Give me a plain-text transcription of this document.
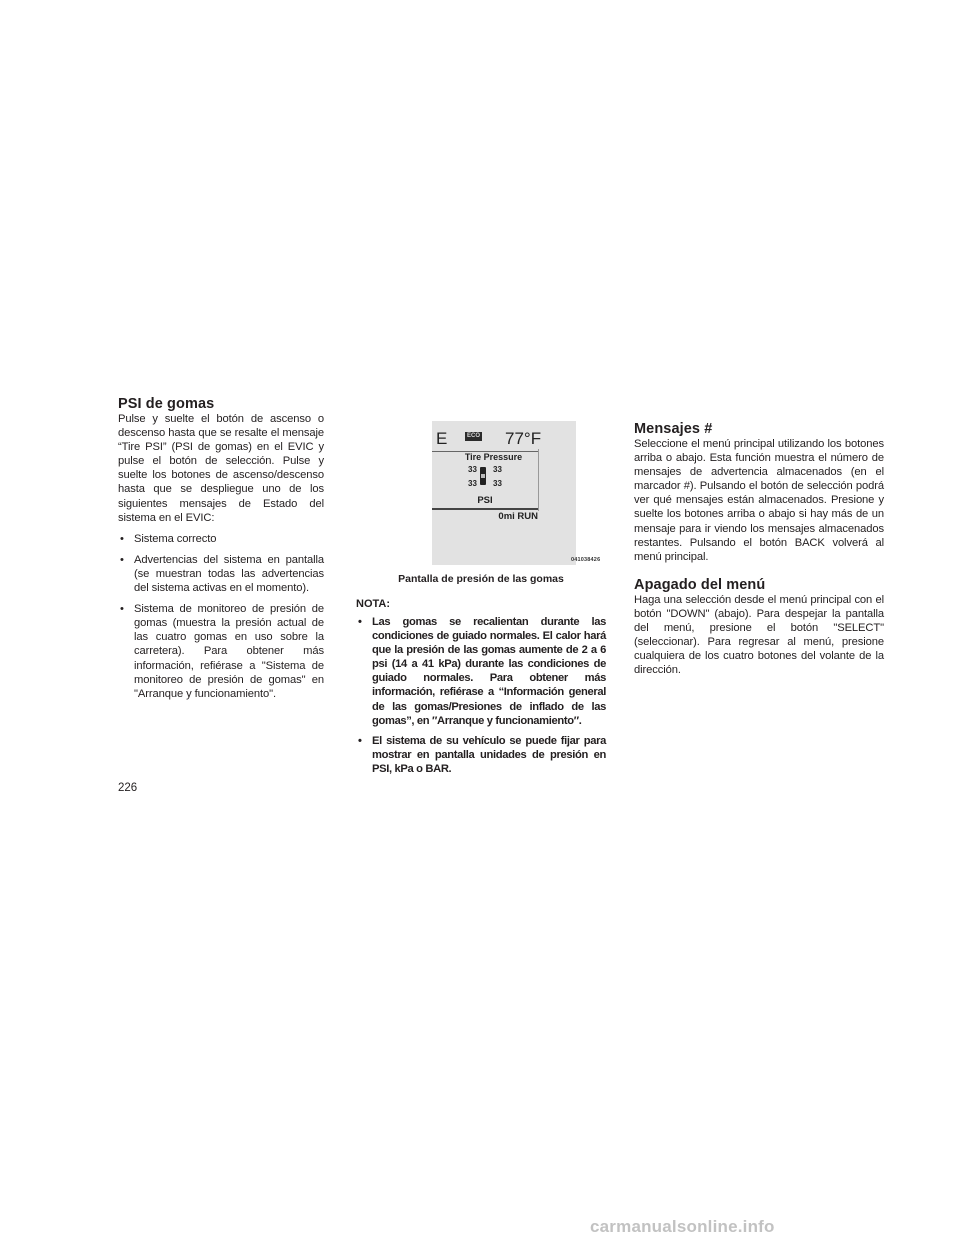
PSI de gomas

Pulse y suelte el botón de ascenso o descenso hasta que se resalte el mensaje “Tire PSI” (PSI de gomas) en el EVIC y pulse el botón de selección. Pulse y suelte los botones de ascenso/descenso hasta que se despliegue uno de los siguientes mensajes de Estado del sistema en el EVIC:

• Sistema correcto
• Advertencias del sistema en pantalla (se muestran todas las advertencias del sistema activas en el momento).
• Sistema de monitoreo de presión de gomas (muestra la presión actual de las cuatro gomas en uso sobre la carretera). Para obtener más información, refiérase a "Sistema de monitoreo de presión de gomas" en "Arranque y funcionamiento".
E	ECO 77°F
Tire Pressure
33 33
33 33
PSI
0mi RUN
041038426
Pantalla de presión de las gomas
NOTA:
• Las gomas se recalientan durante las condiciones de guiado normales. El calor hará que la presión de las gomas aumente de 2 a 6 psi (14 a 41 kPa) durante las condiciones de guiado normales. Para obtener más información, refiérase a ‘‘Información general de las gomas/Presiones de inflado de las gomas’’, en ″Arranque y funcionamiento″.
• El sistema de su vehículo se puede fijar para mostrar en pantalla unidades de presión en PSI, kPa o BAR.
Mensajes #

Seleccione el menú principal utilizando los botones arriba o abajo. Esta función muestra el número de mensajes de advertencia almacenados (en el marcador #). Pulsando el botón de selección podrá ver qué mensajes están almacenados. Presione y suelte los botones arriba o abajo si hay más de un mensaje para ir viendo los mensajes almacenados restantes. Pulsando el botón BACK volverá al menú principal.

Apagado del menú

Haga una selección desde el menú principal con el botón "DOWN" (abajo). Para despejar la pantalla del menú, presione el botón "SELECT" (seleccionar). Para regresar al menú, presione cualquiera de los cuatro botones del volante de la dirección.

226
carmanualsonline.info
